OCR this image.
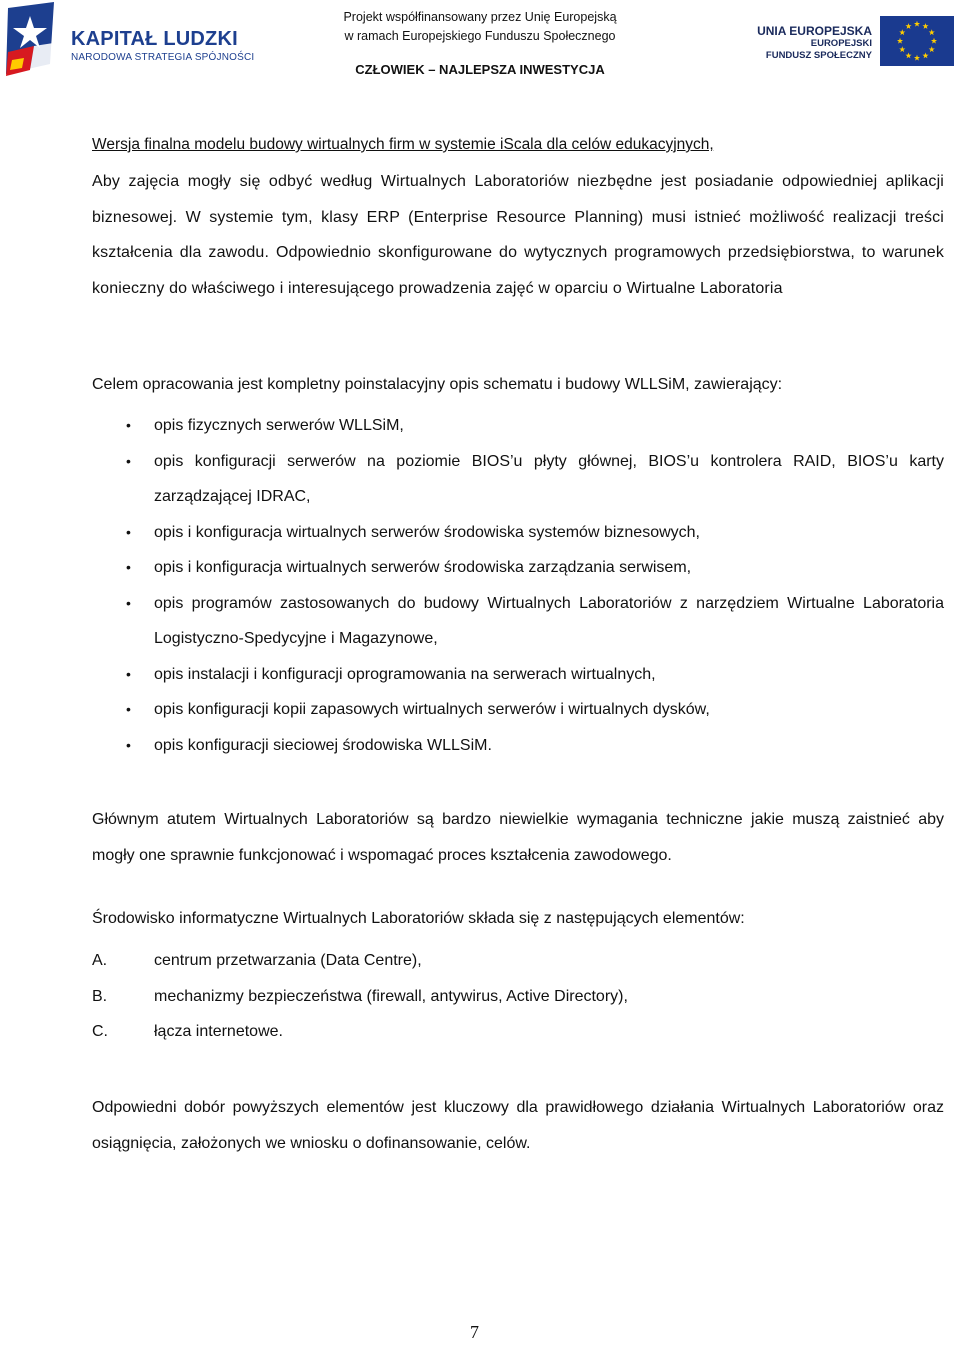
KAPITAŁ LUDZKI
NARODOWA STRATEGIA SPÓJNOŚCI
Projekt współfinansowany przez Unię Europejską
w ramach Europejskiego Funduszu Społecznego
CZŁOWIEK – NAJLEPSZA INWESTYCJA
UNIA EUROPEJSKA
EUROPEJSKI
FUNDUSZ SPOŁECZNY
Wersja finalna modelu budowy wirtualnych firm w systemie iScala dla celów edukacyjnych,
Aby zajęcia mogły się odbyć według Wirtualnych Laboratoriów niezbędne jest posiadanie odpowiedniej aplikacji biznesowej. W systemie tym, klasy ERP (Enterprise Resource Planning) musi istnieć możliwość realizacji treści kształcenia dla zawodu. Odpowiednio skonfigurowane do wytycznych programowych przedsiębiorstwa, to warunek konieczny do właściwego i interesującego prowadzenia zajęć w oparciu o Wirtualne Laboratoria
Celem opracowania jest kompletny poinstalacyjny opis schematu i budowy WLLSiM, zawierający:
• opis fizycznych serwerów WLLSiM,
• opis konfiguracji serwerów na poziomie BIOS’u płyty głównej, BIOS’u kontrolera RAID, BIOS’u karty zarządzającej IDRAC,
• opis i konfiguracja wirtualnych serwerów środowiska systemów biznesowych,
• opis i konfiguracja wirtualnych serwerów środowiska zarządzania serwisem,
• opis programów zastosowanych do budowy Wirtualnych Laboratoriów z narzędziem Wirtualne Laboratoria Logistyczno-Spedycyjne i Magazynowe,
• opis instalacji i konfiguracji oprogramowania na serwerach wirtualnych,
• opis konfiguracji kopii zapasowych wirtualnych serwerów i wirtualnych dysków,
• opis konfiguracji sieciowej środowiska WLLSiM.
Głównym atutem Wirtualnych Laboratoriów są bardzo niewielkie wymagania techniczne jakie muszą zaistnieć aby mogły one sprawnie funkcjonować i wspomagać proces kształcenia zawodowego.
Środowisko informatyczne Wirtualnych Laboratoriów składa się z następujących elementów:
A.	centrum przetwarzania (Data Centre),
B.	mechanizmy bezpieczeństwa (firewall, antywirus, Active Directory),
C.	łącza internetowe.
Odpowiedni dobór powyższych elementów jest kluczowy dla prawidłowego działania Wirtualnych Laboratoriów oraz osiągnięcia, założonych we wniosku o dofinansowanie, celów.
7
